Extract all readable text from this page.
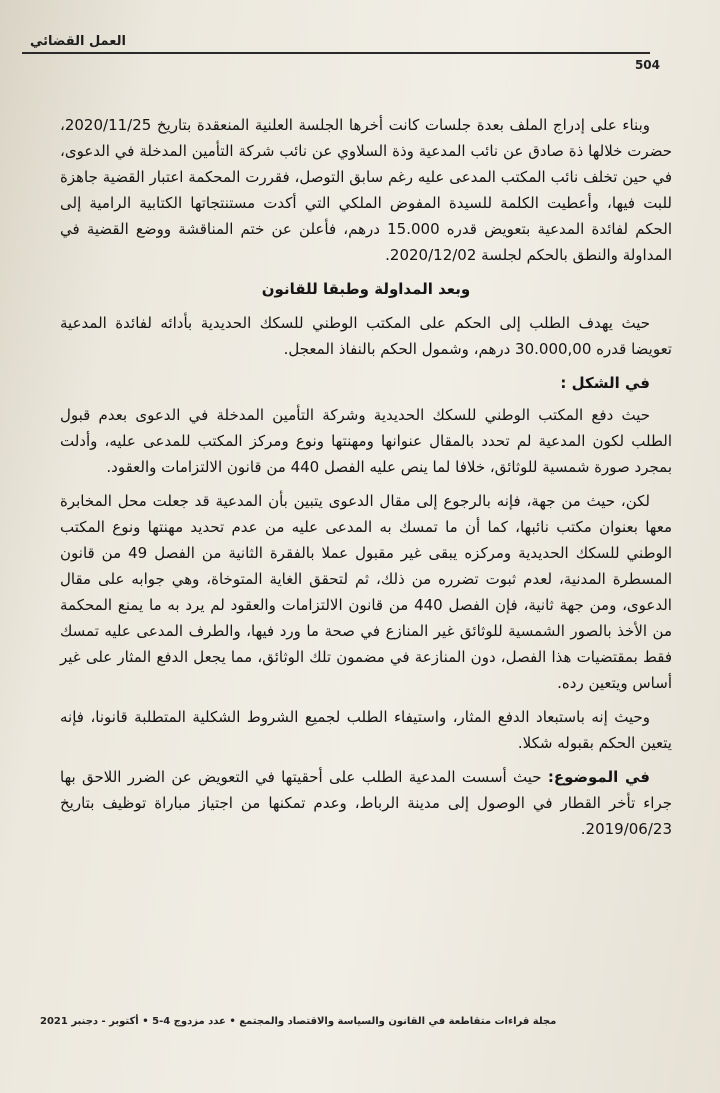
العمل القضائي
504

وبناء على إدراج الملف بعدة جلسات كانت أخرها الجلسة العلنية المنعقدة بتاريخ 2020/11/25، حضرت خلالها ذة صادق عن نائب المدعية وذة السلاوي عن نائب شركة التأمين المدخلة في الدعوى، في حين تخلف نائب المكتب المدعى عليه رغم سابق التوصل، فقررت المحكمة اعتبار القضية جاهزة للبت فيها، وأعطيت الكلمة للسيدة المفوض الملكي التي أكدت مستنتجاتها الكتابية الرامية إلى الحكم لفائدة المدعية بتعويض قدره 15.000 درهم، فأعلن عن ختم المناقشة ووضع القضية في المداولة والنطق بالحكم لجلسة 2020/12/02.

وبعد المداولة وطبقا للقانون

حيث يهدف الطلب إلى الحكم على المكتب الوطني للسكك الحديدية بأدائه لفائدة المدعية تعويضا قدره 30.000,00 درهم، وشمول الحكم بالنفاذ المعجل.

في الشكل :

حيث دفع المكتب الوطني للسكك الحديدية وشركة التأمين المدخلة في الدعوى بعدم قبول الطلب لكون المدعية لم تحدد بالمقال عنوانها ومهنتها ونوع ومركز المكتب للمدعى عليه، وأدلت بمجرد صورة شمسية للوثائق، خلافا لما ينص عليه الفصل 440 من قانون الالتزامات والعقود.

لكن، حيث من جهة، فإنه بالرجوع إلى مقال الدعوى يتبين بأن المدعية قد جعلت محل المخابرة معها بعنوان مكتب نائبها، كما أن ما تمسك به المدعى عليه من عدم تحديد مهنتها ونوع المكتب الوطني للسكك الحديدية ومركزه يبقى غير مقبول عملا بالفقرة الثانية من الفصل 49 من قانون المسطرة المدنية، لعدم ثبوت تضرره من ذلك، ثم لتحقق الغاية المتوخاة، وهي جوابه على مقال الدعوى، ومن جهة ثانية، فإن الفصل 440 من قانون الالتزامات والعقود لم يرد به ما يمنع المحكمة من الأخذ بالصور الشمسية للوثائق غير المنازع في صحة ما ورد فيها، والطرف المدعى عليه تمسك فقط بمقتضيات هذا الفصل، دون المنازعة في مضمون تلك الوثائق، مما يجعل الدفع المثار على غير أساس ويتعين رده.

وحيث إنه باستبعاد الدفع المثار، واستيفاء الطلب لجميع الشروط الشكلية المتطلبة قانونا، فإنه يتعين الحكم بقبوله شكلا.

في الموضوع: حيث أسست المدعية الطلب على أحقيتها في التعويض عن الضرر اللاحق بها جراء تأخر القطار في الوصول إلى مدينة الرباط، وعدم تمكنها من اجتياز مباراة توظيف بتاريخ 2019/06/23.

مجلة قراءات متقاطعة في القانون والسياسة والاقتصاد والمجتمع • عدد مزدوج 4-5 • أكتوبر - دجنبر 2021
